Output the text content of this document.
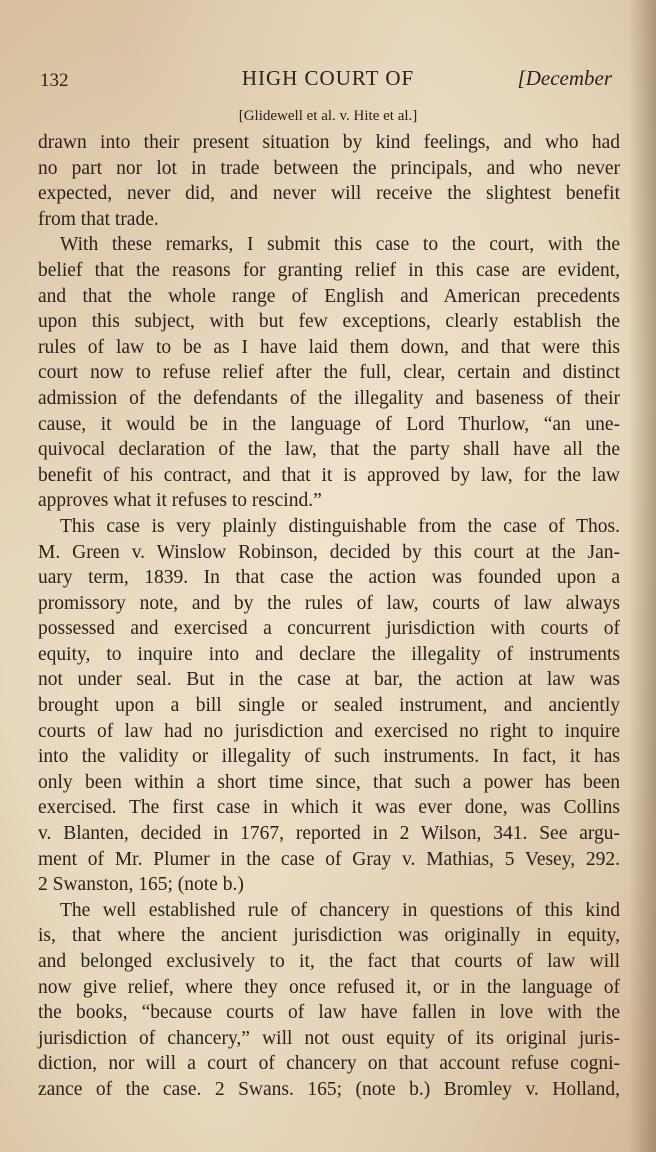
132	HIGH COURT OF	[December
[Glidewell et al. v. Hite et al.]
drawn into their present situation by kind feelings, and who had
no part nor lot in trade between the principals, and who never
expected, never did, and never will receive the slightest benefit
from that trade.
With these remarks, I submit this case to the court, with the
belief that the reasons for granting relief in this case are evident,
and that the whole range of English and American precedents
upon this subject, with but few exceptions, clearly establish the
rules of law to be as I have laid them down, and that were this
court now to refuse relief after the full, clear, certain and distinct
admission of the defendants of the illegality and baseness of their
cause, it would be in the language of Lord Thurlow, “an une-
quivocal declaration of the law, that the party shall have all the
benefit of his contract, and that it is approved by law, for the law
approves what it refuses to rescind.”
This case is very plainly distinguishable from the case of Thos.
M. Green v. Winslow Robinson, decided by this court at the Jan-
uary term, 1839. In that case the action was founded upon a
promissory note, and by the rules of law, courts of law always
possessed and exercised a concurrent jurisdiction with courts of
equity, to inquire into and declare the illegality of instruments
not under seal. But in the case at bar, the action at law was
brought upon a bill single or sealed instrument, and anciently
courts of law had no jurisdiction and exercised no right to inquire
into the validity or illegality of such instruments. In fact, it has
only been within a short time since, that such a power has been
exercised. The first case in which it was ever done, was Collins
v. Blanten, decided in 1767, reported in 2 Wilson, 341. See argu-
ment of Mr. Plumer in the case of Gray v. Mathias, 5 Vesey, 292.
2 Swanston, 165; (note b.)
The well established rule of chancery in questions of this kind
is, that where the ancient jurisdiction was originally in equity,
and belonged exclusively to it, the fact that courts of law will
now give relief, where they once refused it, or in the language of
the books, “because courts of law have fallen in love with the
jurisdiction of chancery,” will not oust equity of its original juris-
diction, nor will a court of chancery on that account refuse cogni-
zance of the case. 2 Swans. 165; (note b.) Bromley v. Holland,
